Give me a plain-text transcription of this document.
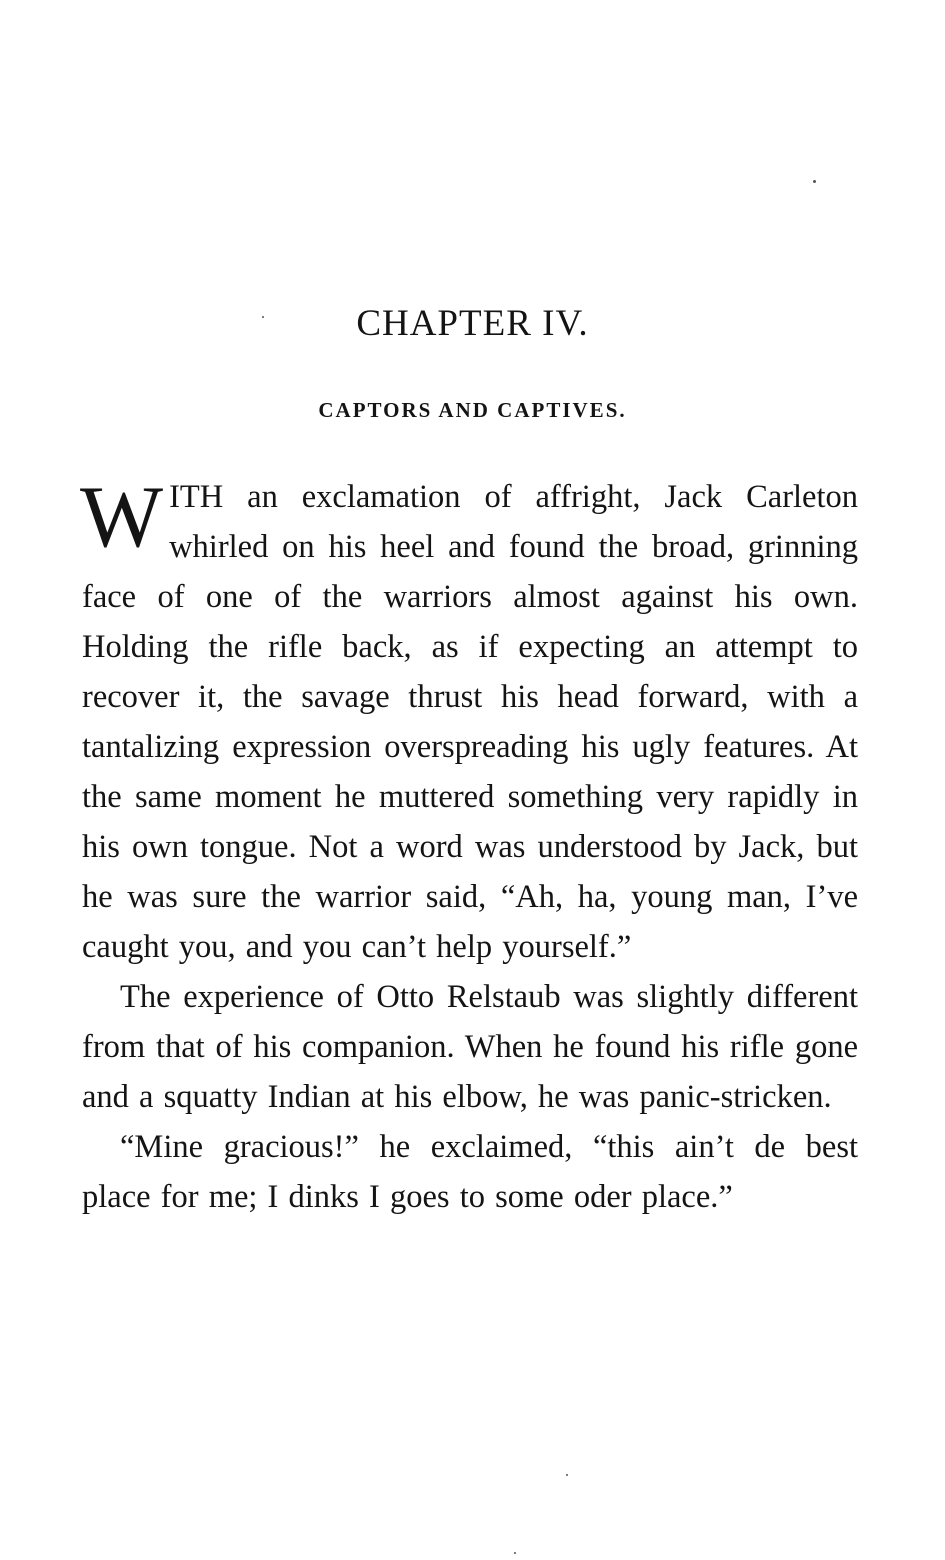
CHAPTER IV.
CAPTORS AND CAPTIVES.

WITH an exclamation of affright, Jack Carleton whirled on his heel and found the broad, grinning face of one of the warriors almost against his own. Holding the rifle back, as if expecting an attempt to recover it, the savage thrust his head forward, with a tantalizing expression overspreading his ugly features. At the same moment he muttered something very rapidly in his own tongue. Not a word was understood by Jack, but he was sure the warrior said, “Ah, ha, young man, I’ve caught you, and you can’t help yourself.”

The experience of Otto Relstaub was slightly different from that of his companion. When he found his rifle gone and a squatty Indian at his elbow, he was panic-stricken.

“Mine gracious!” he exclaimed, “this ain’t de best place for me; I dinks I goes to some oder place.”
